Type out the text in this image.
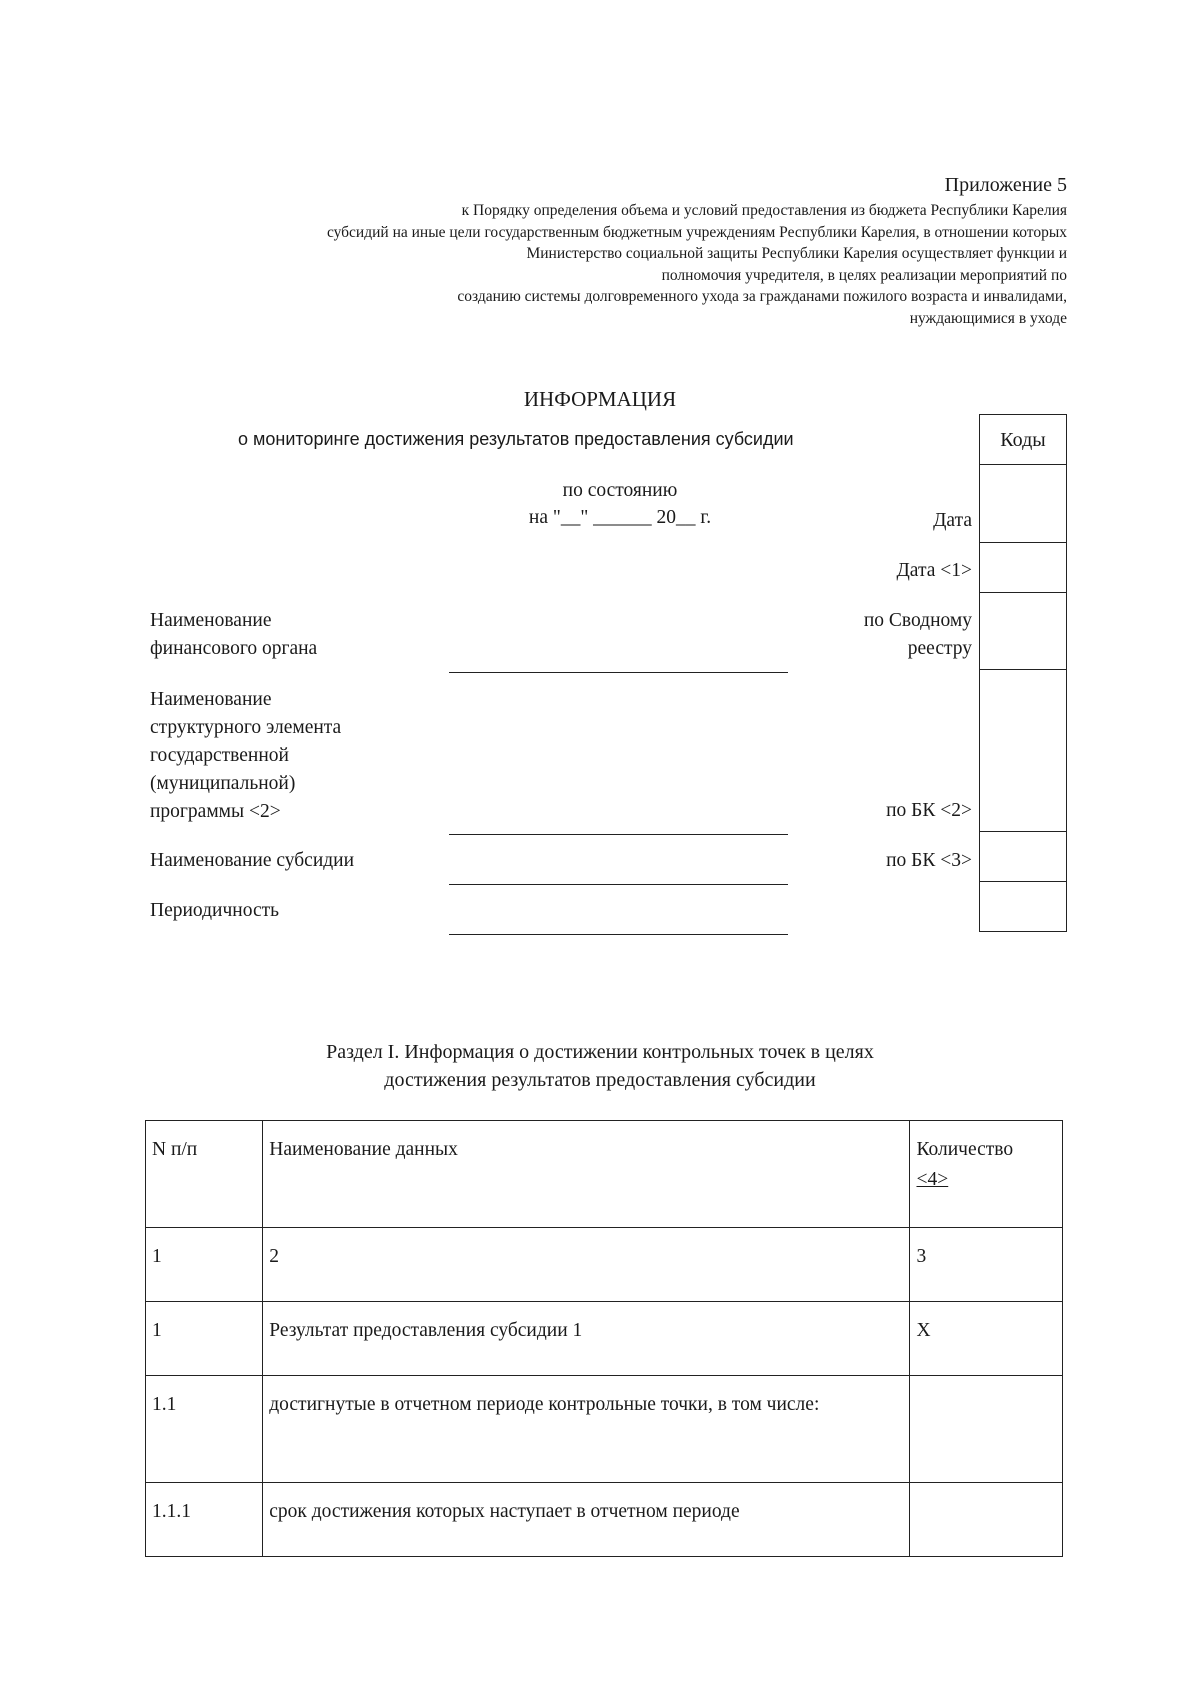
Приложение 5
к Порядку определения объема и условий предоставления из бюджета Республики Карелия
субсидий на иные цели государственным бюджетным учреждениям Республики Карелия, в отношении которых
Министерство социальной защиты Республики Карелия осуществляет функции и
полномочия учредителя, в целях реализации мероприятий по
созданию системы долговременного ухода за гражданами пожилого возраста и инвалидами,
нуждающимися в уходе
ИНФОРМАЦИЯ
о мониторинге достижения результатов предоставления субсидии
по состоянию
на "__" ______ 20__ г.
Коды
Дата
Дата <1>
по Сводному
реестру
по БК <2>
по БК <3>
Наименование
финансового органа
Наименование
структурного элемента
государственной
(муниципальной)
программы <2>
Наименование субсидии
Периодичность
Раздел I. Информация о достижении контрольных точек в целях
достижения результатов предоставления субсидии
N п/п	Наименование данных	Количество
<4>

1	2	3
1	Результат предоставления субсидии 1	X
1.1	достигнутые в отчетном периоде контрольные точки, в том числе:	
1.1.1	срок достижения которых наступает в отчетном периоде	
